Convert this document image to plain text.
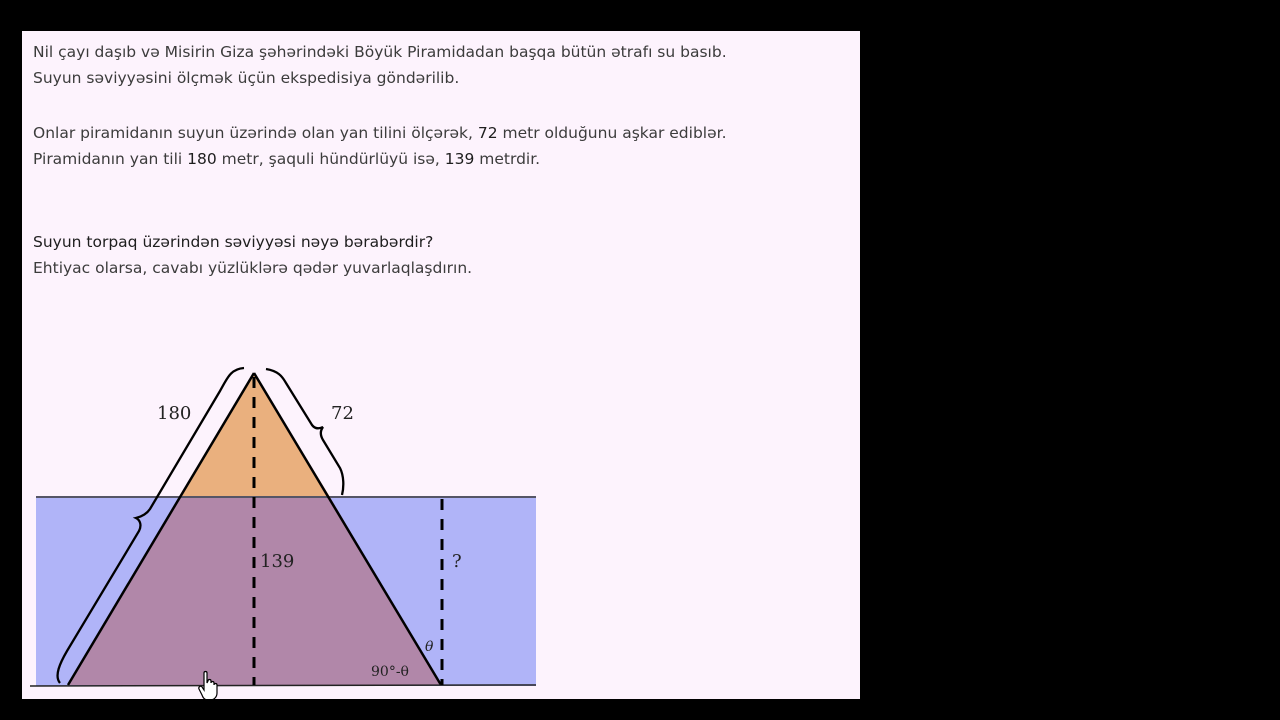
Nil çayı daşıb və Misirin Giza şəhərindəki Böyük Piramidadan başqa bütün ətrafı su basıb.
Suyun səviyyəsini ölçmək üçün ekspedisiya göndərilib.
Onlar piramidanın suyun üzərində olan yan tilini ölçərək, 72 metr olduğunu aşkar ediblər.
Piramidanın yan tili 180 metr, şaquli hündürlüyü isə, 139 metrdir.
Suyun torpaq üzərindən səviyyəsi nəyə bərabərdir?
Ehtiyac olarsa, cavabı yüzlüklərə qədər yuvarlaqlaşdırın.
180	72
139	?
θ
90°-θ
